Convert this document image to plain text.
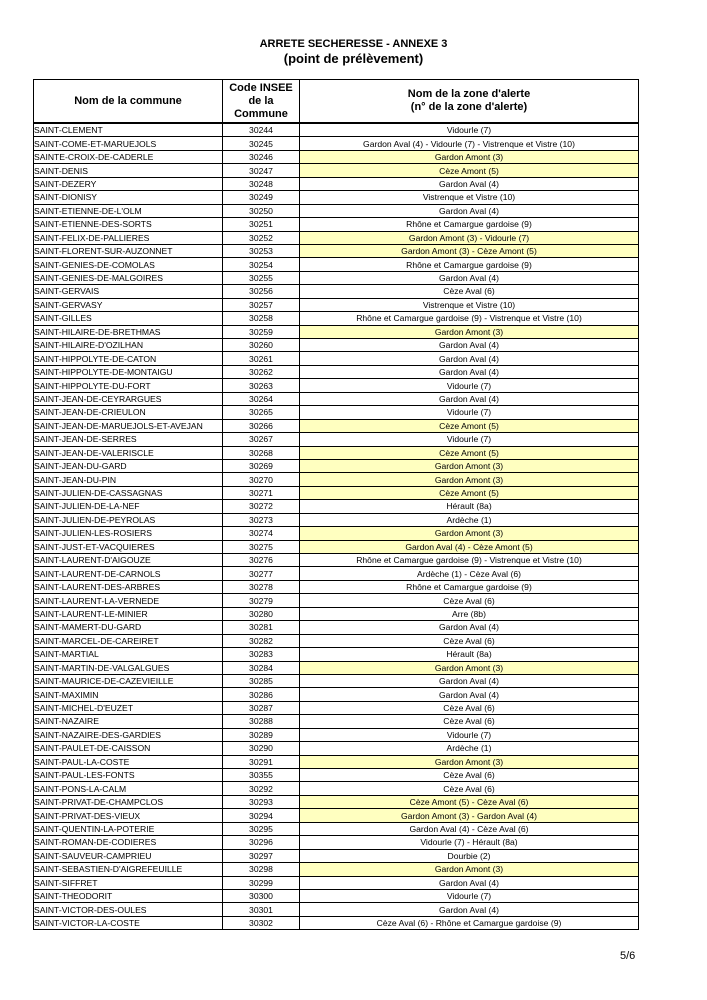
ARRETE SECHERESSE - ANNEXE 3
(point de prélèvement)
Nom de la commune	Code INSEE de la Commune	Nom de la zone d'alerte
(n° de la zone d'alerte)

SAINT-CLEMENT	30244	Vidourle (7)
SAINT-COME-ET-MARUEJOLS	30245	Gardon Aval (4) - Vidourle (7) - Vistrenque et Vistre (10)
SAINTE-CROIX-DE-CADERLE	30246	Gardon Amont (3)
SAINT-DENIS	30247	Cèze Amont (5)
SAINT-DEZERY	30248	Gardon Aval (4)
SAINT-DIONISY	30249	Vistrenque et Vistre (10)
SAINT-ETIENNE-DE-L'OLM	30250	Gardon Aval (4)
SAINT-ETIENNE-DES-SORTS	30251	Rhône et Camargue gardoise (9)
SAINT-FELIX-DE-PALLIERES	30252	Gardon Amont (3) - Vidourle (7)
SAINT-FLORENT-SUR-AUZONNET	30253	Gardon Amont (3) - Cèze Amont (5)
SAINT-GENIES-DE-COMOLAS	30254	Rhône et Camargue gardoise (9)
SAINT-GENIES-DE-MALGOIRES	30255	Gardon Aval (4)
SAINT-GERVAIS	30256	Cèze Aval (6)
SAINT-GERVASY	30257	Vistrenque et Vistre (10)
SAINT-GILLES	30258	Rhône et Camargue gardoise (9) - Vistrenque et Vistre (10)
SAINT-HILAIRE-DE-BRETHMAS	30259	Gardon Amont (3)
SAINT-HILAIRE-D'OZILHAN	30260	Gardon Aval (4)
SAINT-HIPPOLYTE-DE-CATON	30261	Gardon Aval (4)
SAINT-HIPPOLYTE-DE-MONTAIGU	30262	Gardon Aval (4)
SAINT-HIPPOLYTE-DU-FORT	30263	Vidourle (7)
SAINT-JEAN-DE-CEYRARGUES	30264	Gardon Aval (4)
SAINT-JEAN-DE-CRIEULON	30265	Vidourle (7)
SAINT-JEAN-DE-MARUEJOLS-ET-AVEJAN	30266	Cèze Amont (5)
SAINT-JEAN-DE-SERRES	30267	Vidourle (7)
SAINT-JEAN-DE-VALERISCLE	30268	Cèze Amont (5)
SAINT-JEAN-DU-GARD	30269	Gardon Amont (3)
SAINT-JEAN-DU-PIN	30270	Gardon Amont (3)
SAINT-JULIEN-DE-CASSAGNAS	30271	Cèze Amont (5)
SAINT-JULIEN-DE-LA-NEF	30272	Hérault (8a)
SAINT-JULIEN-DE-PEYROLAS	30273	Ardèche (1)
SAINT-JULIEN-LES-ROSIERS	30274	Gardon Amont (3)
SAINT-JUST-ET-VACQUIERES	30275	Gardon Aval (4) - Cèze Amont (5)
SAINT-LAURENT-D'AIGOUZE	30276	Rhône et Camargue gardoise (9) - Vistrenque et Vistre (10)
SAINT-LAURENT-DE-CARNOLS	30277	Ardèche (1) - Cèze Aval (6)
SAINT-LAURENT-DES-ARBRES	30278	Rhône et Camargue gardoise (9)
SAINT-LAURENT-LA-VERNEDE	30279	Cèze Aval (6)
SAINT-LAURENT-LE-MINIER	30280	Arre (8b)
SAINT-MAMERT-DU-GARD	30281	Gardon Aval (4)
SAINT-MARCEL-DE-CAREIRET	30282	Cèze Aval (6)
SAINT-MARTIAL	30283	Hérault (8a)
SAINT-MARTIN-DE-VALGALGUES	30284	Gardon Amont (3)
SAINT-MAURICE-DE-CAZEVIEILLE	30285	Gardon Aval (4)
SAINT-MAXIMIN	30286	Gardon Aval (4)
SAINT-MICHEL-D'EUZET	30287	Cèze Aval (6)
SAINT-NAZAIRE	30288	Cèze Aval (6)
SAINT-NAZAIRE-DES-GARDIES	30289	Vidourle (7)
SAINT-PAULET-DE-CAISSON	30290	Ardèche (1)
SAINT-PAUL-LA-COSTE	30291	Gardon Amont (3)
SAINT-PAUL-LES-FONTS	30355	Cèze Aval (6)
SAINT-PONS-LA-CALM	30292	Cèze Aval (6)
SAINT-PRIVAT-DE-CHAMPCLOS	30293	Cèze Amont (5) - Cèze Aval (6)
SAINT-PRIVAT-DES-VIEUX	30294	Gardon Amont (3) - Gardon Aval (4)
SAINT-QUENTIN-LA-POTERIE	30295	Gardon Aval (4) - Cèze Aval (6)
SAINT-ROMAN-DE-CODIERES	30296	Vidourle (7) - Hérault (8a)
SAINT-SAUVEUR-CAMPRIEU	30297	Dourbie (2)
SAINT-SEBASTIEN-D'AIGREFEUILLE	30298	Gardon Amont (3)
SAINT-SIFFRET	30299	Gardon Aval (4)
SAINT-THEODORIT	30300	Vidourle (7)
SAINT-VICTOR-DES-OULES	30301	Gardon Aval (4)
SAINT-VICTOR-LA-COSTE	30302	Cèze Aval (6) - Rhône et Camargue gardoise (9)
5/6
